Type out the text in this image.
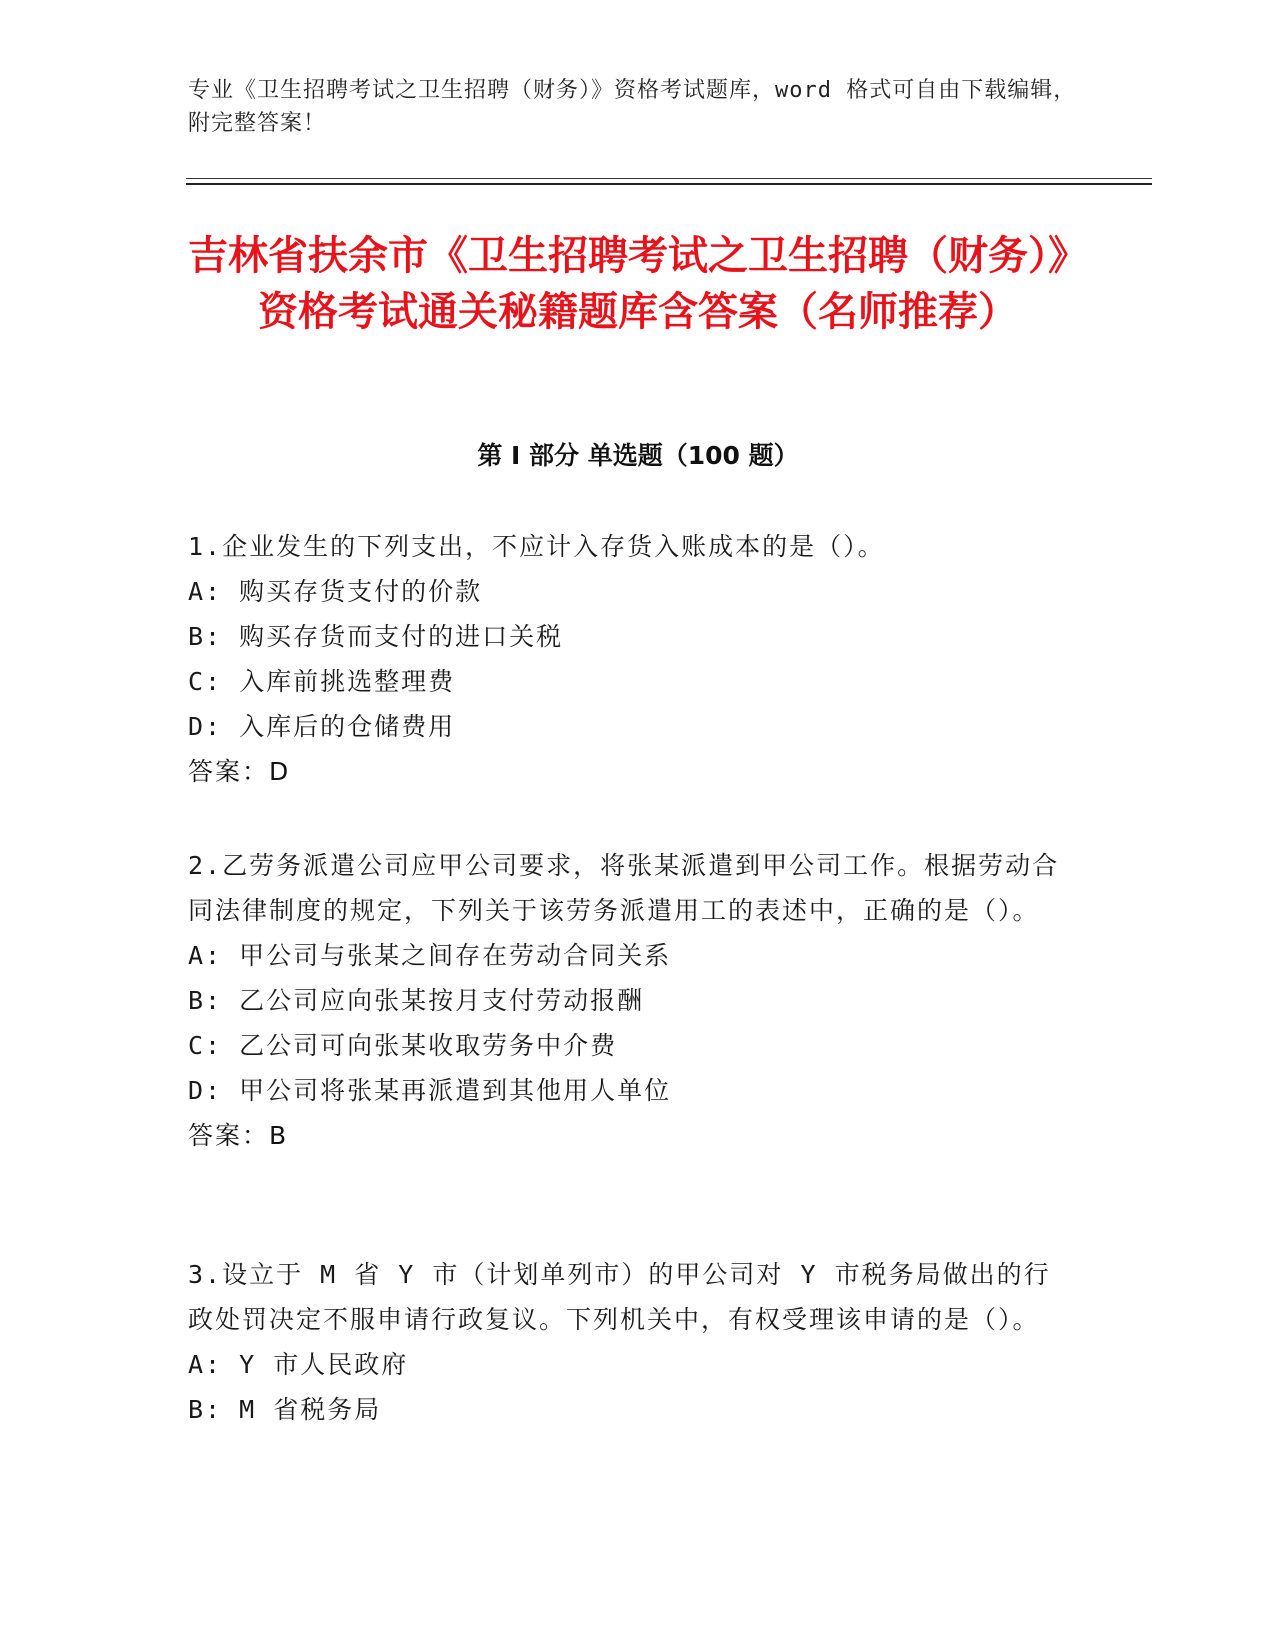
专业《卫生招聘考试之卫生招聘（财务）》资格考试题库，word 格式可自由下载编辑，附完整答案！
吉林省扶余市《卫生招聘考试之卫生招聘（财务）》资格考试通关秘籍题库含答案（名师推荐）
第 I 部分 单选题（100 题）
1.企业发生的下列支出，不应计入存货入账成本的是（）。
A: 购买存货支付的价款
B: 购买存货而支付的进口关税
C: 入库前挑选整理费
D: 入库后的仓储费用
答案：D
2.乙劳务派遣公司应甲公司要求，将张某派遣到甲公司工作。根据劳动合同法律制度的规定，下列关于该劳务派遣用工的表述中，正确的是（）。
A: 甲公司与张某之间存在劳动合同关系
B: 乙公司应向张某按月支付劳动报酬
C: 乙公司可向张某收取劳务中介费
D: 甲公司将张某再派遣到其他用人单位
答案：B
3.设立于 M 省 Y 市（计划单列市）的甲公司对 Y 市税务局做出的行政处罚决定不服申请行政复议。下列机关中，有权受理该申请的是（）。
A: Y 市人民政府
B: M 省税务局
